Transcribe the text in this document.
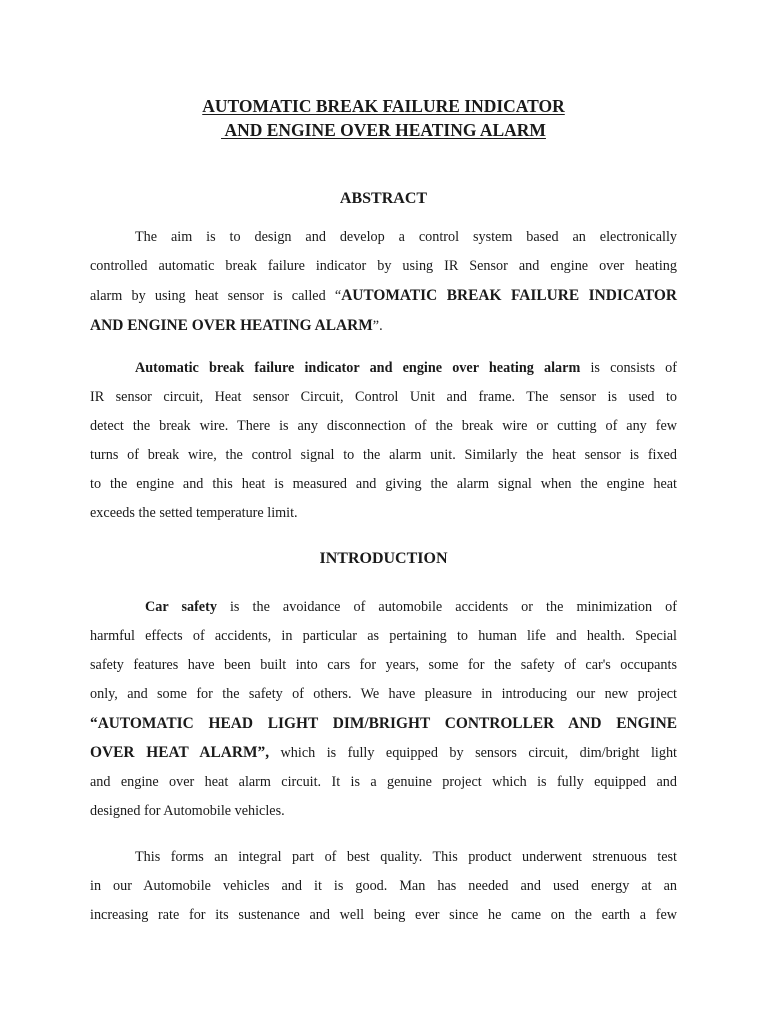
AUTOMATIC BREAK FAILURE INDICATOR
AND ENGINE OVER HEATING ALARM
ABSTRACT
The aim is to design and develop a control system based an electronically
controlled automatic break failure indicator by using IR Sensor and engine over heating
alarm by using heat sensor is called “AUTOMATIC BREAK FAILURE INDICATOR
AND ENGINE OVER HEATING ALARM”.
Automatic break failure indicator and engine over heating alarm is consists of
IR sensor circuit, Heat sensor Circuit, Control Unit and frame. The sensor is used to
detect the break wire. There is any disconnection of the break wire or cutting of any few
turns of break wire, the control signal to the alarm unit. Similarly the heat sensor is fixed
to the engine and this heat is measured and giving the alarm signal when the engine heat
exceeds the setted temperature limit.
INTRODUCTION
Car safety is the avoidance of automobile accidents or the minimization of
harmful effects of accidents, in particular as pertaining to human life and health. Special
safety features have been built into cars for years, some for the safety of car's occupants
only, and some for the safety of others. We have pleasure in introducing our new project
“AUTOMATIC HEAD LIGHT DIM/BRIGHT CONTROLLER AND ENGINE
OVER HEAT ALARM”, which is fully equipped by sensors circuit, dim/bright light
and engine over heat alarm circuit. It is a genuine project which is fully equipped and
designed for Automobile vehicles.
This forms an integral part of best quality. This product underwent strenuous test
in our Automobile vehicles and it is good. Man has needed and used energy at an
increasing rate for its sustenance and well being ever since he came on the earth a few
